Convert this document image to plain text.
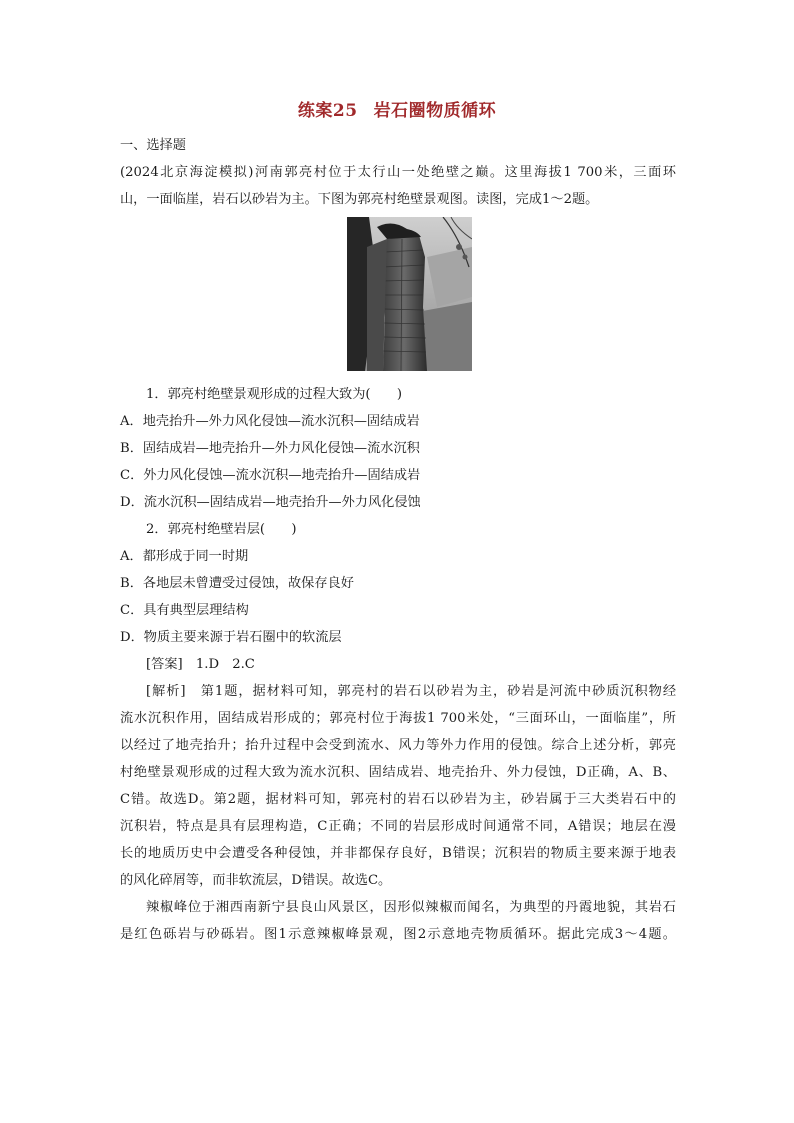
练案25 岩石圈物质循环
一、选择题
(2024北京海淀模拟)河南郭亮村位于太行山一处绝壁之巅。这里海拔1 700米，三面环
山，一面临崖，岩石以砂岩为主。下图为郭亮村绝壁景观图。读图，完成1～2题。
1．郭亮村绝壁景观形成的过程大致为(　　)
A．地壳抬升—外力风化侵蚀—流水沉积—固结成岩
B．固结成岩—地壳抬升—外力风化侵蚀—流水沉积
C．外力风化侵蚀—流水沉积—地壳抬升—固结成岩
D．流水沉积—固结成岩—地壳抬升—外力风化侵蚀
2．郭亮村绝壁岩层(　　)
A．都形成于同一时期
B．各地层未曾遭受过侵蚀，故保存良好
C．具有典型层理结构
D．物质主要来源于岩石圈中的软流层
[答案]　 1.D　2.C
[解析]　 第1题，据材料可知，郭亮村的岩石以砂岩为主，砂岩是河流中砂质沉积物经
流水沉积作用，固结成岩形成的；郭亮村位于海拔1 700米处，“三面环山，一面临崖”，所
以经过了地壳抬升；抬升过程中会受到流水、风力等外力作用的侵蚀。综合上述分析，郭亮
村绝壁景观形成的过程大致为流水沉积、固结成岩、地壳抬升、外力侵蚀，D正确，A、B、
C错。故选D。第2题，据材料可知，郭亮村的岩石以砂岩为主，砂岩属于三大类岩石中的
沉积岩，特点是具有层理构造，C正确；不同的岩层形成时间通常不同，A错误；地层在漫
长的地质历史中会遭受各种侵蚀，并非都保存良好，B错误；沉积岩的物质主要来源于地表
的风化碎屑等，而非软流层，D错误。故选C。
辣椒峰位于湘西南新宁县良山风景区，因形似辣椒而闻名，为典型的丹霞地貌，其岩石
是红色砾岩与砂砾岩。图1示意辣椒峰景观，图2示意地壳物质循环。据此完成3～4题。
